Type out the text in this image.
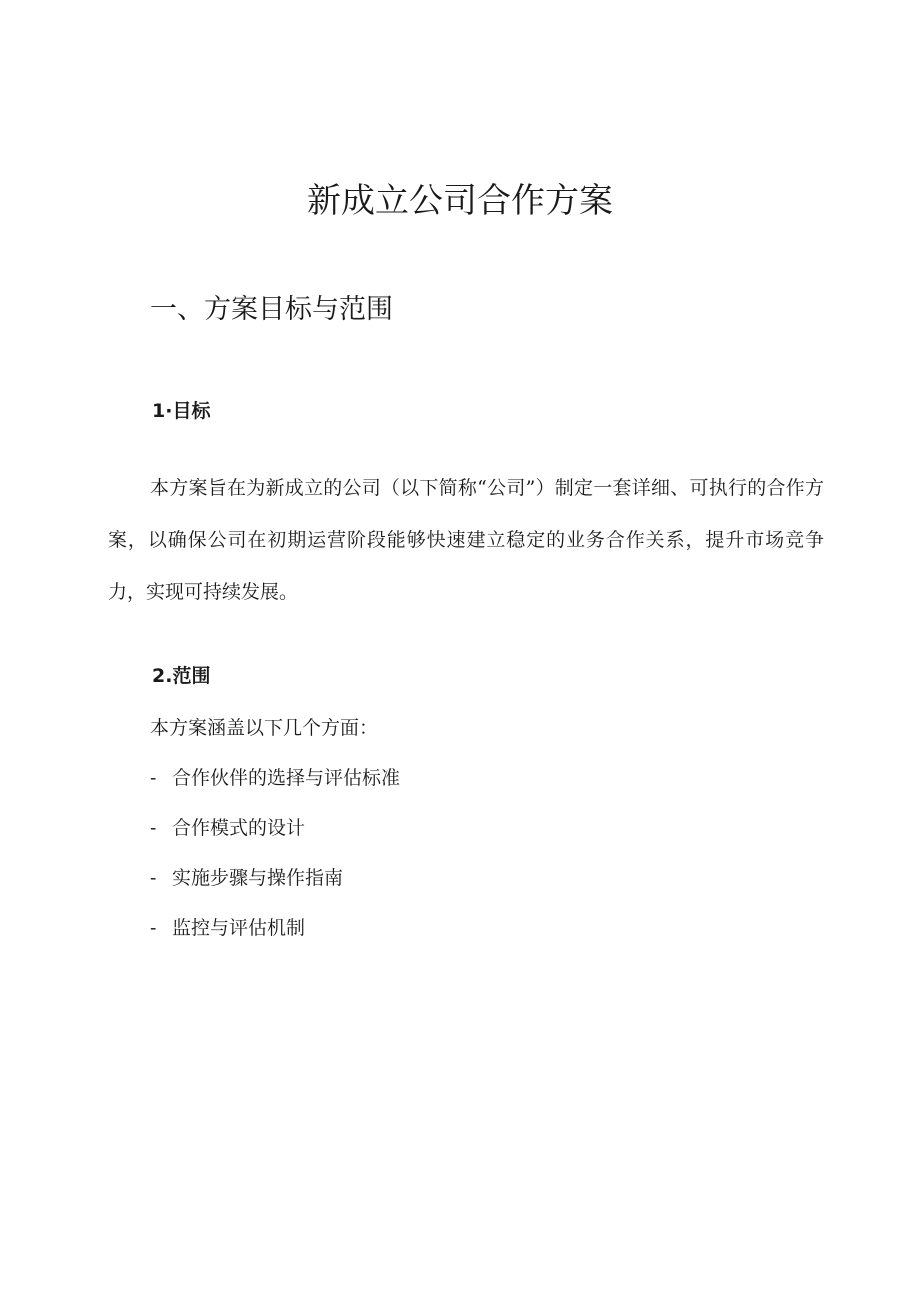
新成立公司合作方案
一、方案目标与范围
1·目标

本方案旨在为新成立的公司（以下简称“公司”）制定一套详细、可执行的合作方案，以确保公司在初期运营阶段能够快速建立稳定的业务合作关系，提升市场竞争力，实现可持续发展。

2.范围

本方案涵盖以下几个方面：

- 合作伙伴的选择与评估标准
- 合作模式的设计
- 实施步骤与操作指南
- 监控与评估机制
